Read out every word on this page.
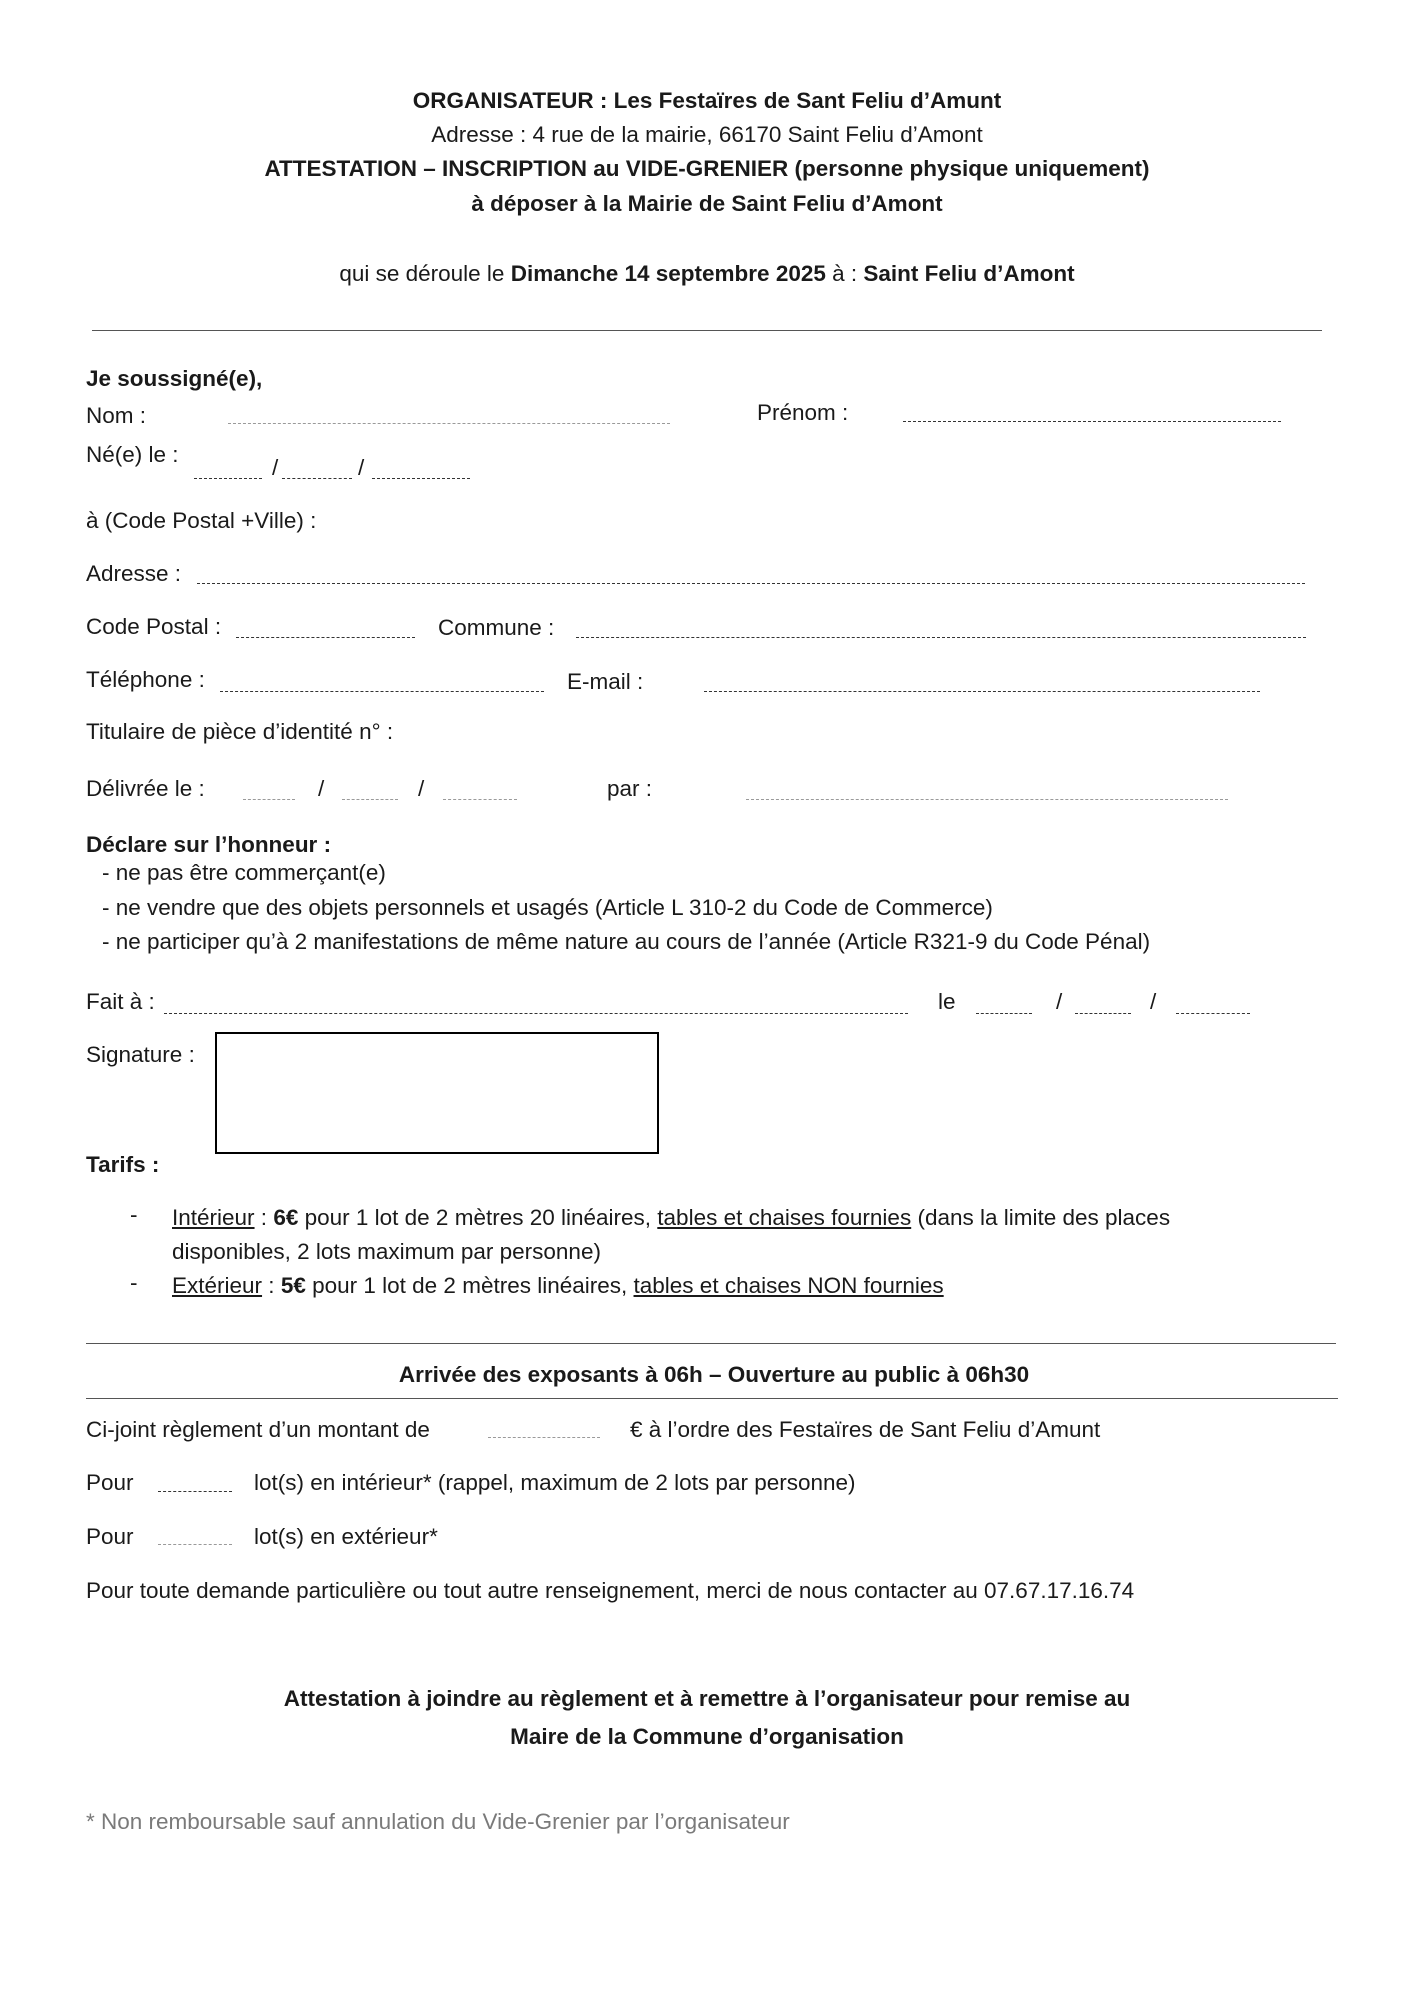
ORGANISATEUR : Les Festaïres de Sant Feliu d’Amunt
Adresse : 4 rue de la mairie, 66170 Saint Feliu d’Amont
ATTESTATION – INSCRIPTION au VIDE-GRENIER (personne physique uniquement)
à déposer à la Mairie de Saint Feliu d’Amont
qui se déroule le Dimanche 14 septembre 2025 à : Saint Feliu d’Amont
Je soussigné(e),
Nom :	Prénom :
Né(e) le :
/	/
à (Code Postal +Ville) :
Adresse :
Code Postal :	Commune :
Téléphone :	E-mail :
Titulaire de pièce d’identité n° :
Délivrée le :	/	/	par :
Déclare sur l’honneur :
- ne pas être commerçant(e)
- ne vendre que des objets personnels et usagés (Article L 310-2 du Code de Commerce)
- ne participer qu’à 2 manifestations de même nature au cours de l’année (Article R321-9 du Code Pénal)
Fait à :	le	/	/
Signature :
Tarifs :
- Intérieur : 6€ pour 1 lot de 2 mètres 20 linéaires, tables et chaises fournies (dans la limite des places
disponibles, 2 lots maximum par personne)
- Extérieur : 5€ pour 1 lot de 2 mètres linéaires, tables et chaises NON fournies
Arrivée des exposants à 06h – Ouverture au public à 06h30
Ci-joint règlement d’un montant de	€ à l’ordre des Festaïres de Sant Feliu d’Amunt
Pour	lot(s) en intérieur* (rappel, maximum de 2 lots par personne)
Pour	lot(s) en extérieur*
Pour toute demande particulière ou tout autre renseignement, merci de nous contacter au 07.67.17.16.74
Attestation à joindre au règlement et à remettre à l’organisateur pour remise au
Maire de la Commune d’organisation
* Non remboursable sauf annulation du Vide-Grenier par l’organisateur
